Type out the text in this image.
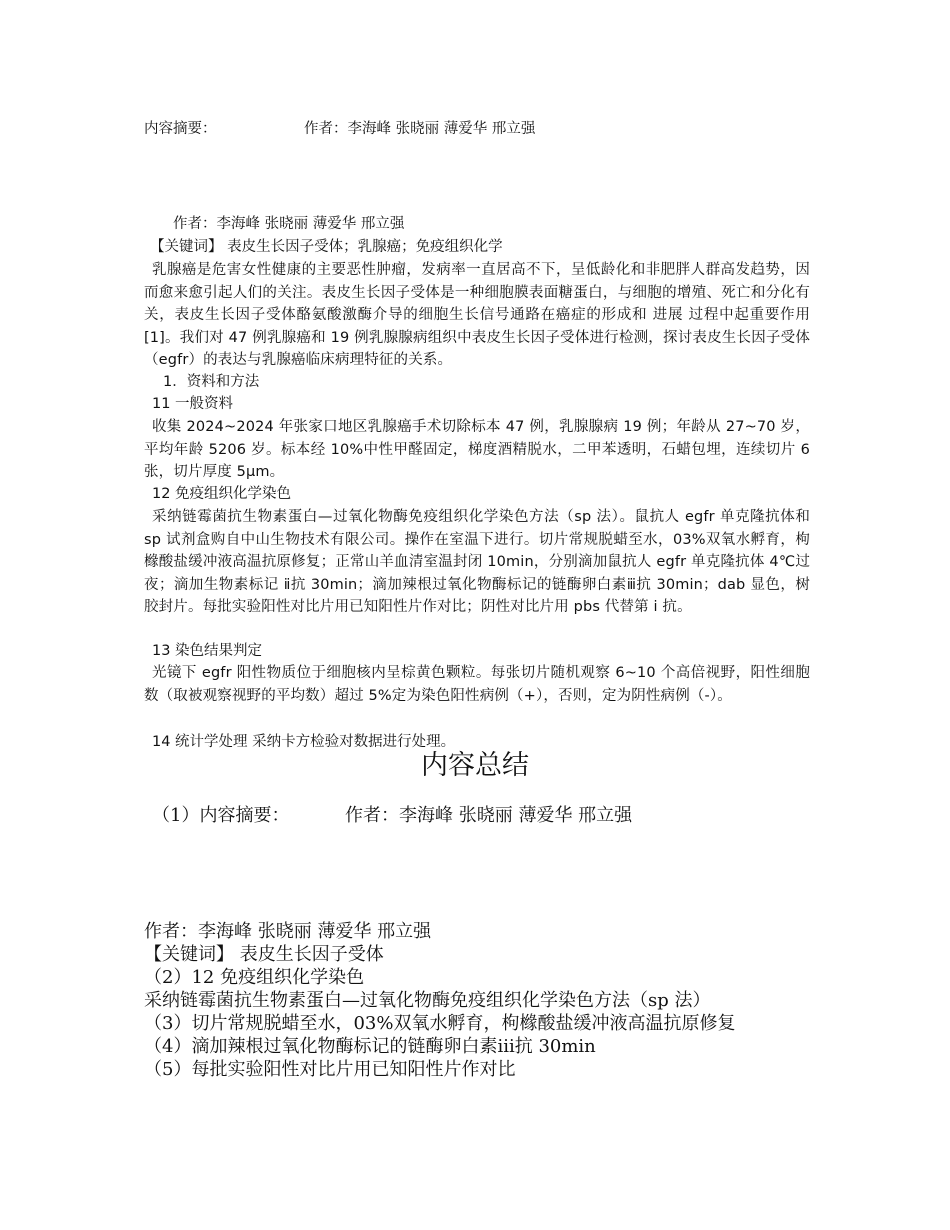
内容摘要：	作者：李海峰 张晓丽 薄爱华 邢立强
作者：李海峰 张晓丽 薄爱华 邢立强
【关键词】 表皮生长因子受体；乳腺癌；免疫组织化学
乳腺癌是危害女性健康的主要恶性肿瘤，发病率一直居高不下，呈低龄化和非肥胖人群高发趋势，因而愈来愈引起人们的关注。表皮生长因子受体是一种细胞膜表面糖蛋白，与细胞的增殖、死亡和分化有关，表皮生长因子受体酪氨酸激酶介导的细胞生长信号通路在癌症的形成和 进展 过程中起重要作用[1]。我们对 47 例乳腺癌和 19 例乳腺腺病组织中表皮生长因子受体进行检测，探讨表皮生长因子受体（egfr）的表达与乳腺癌临床病理特征的关系。
1．资料和方法
11 一般资料
收集 2024~2024 年张家口地区乳腺癌手术切除标本 47 例，乳腺腺病 19 例；年龄从 27~70 岁，平均年龄 5206 岁。标本经 10%中性甲醛固定，梯度酒精脱水，二甲苯透明，石蜡包埋，连续切片 6 张，切片厚度 5μm。
12 免疫组织化学染色
采纳链霉菌抗生物素蛋白—过氧化物酶免疫组织化学染色方法（sp 法）。鼠抗人 egfr 单克隆抗体和 sp 试剂盒购自中山生物技术有限公司。操作在室温下进行。切片常规脱蜡至水，03%双氧水孵育，枸橼酸盐缓冲液高温抗原修复；正常山羊血清室温封闭 10min，分别滴加鼠抗人 egfr 单克隆抗体 4℃过夜；滴加生物素标记 ⅱ抗 30min；滴加辣根过氧化物酶标记的链酶卵白素ⅲ抗 30min；dab 显色，树胶封片。每批实验阳性对比片用已知阳性片作对比；阴性对比片用 pbs 代替第 ⅰ 抗。
13 染色结果判定
光镜下 egfr 阳性物质位于细胞核内呈棕黄色颗粒。每张切片随机观察 6~10 个高倍视野，阳性细胞数（取被观察视野的平均数）超过 5%定为染色阳性病例（+），否则，定为阴性病例（-）。
14 统计学处理 采纳卡方检验对数据进行处理。
内容总结
（1）内容摘要：	作者：李海峰 张晓丽 薄爱华 邢立强
作者：李海峰 张晓丽 薄爱华 邢立强
【关键词】 表皮生长因子受体
（2）12 免疫组织化学染色
采纳链霉菌抗生物素蛋白—过氧化物酶免疫组织化学染色方法（sp 法）
（3）切片常规脱蜡至水，03%双氧水孵育，枸橼酸盐缓冲液高温抗原修复
（4）滴加辣根过氧化物酶标记的链酶卵白素ⅲ抗 30min
（5）每批实验阳性对比片用已知阳性片作对比
